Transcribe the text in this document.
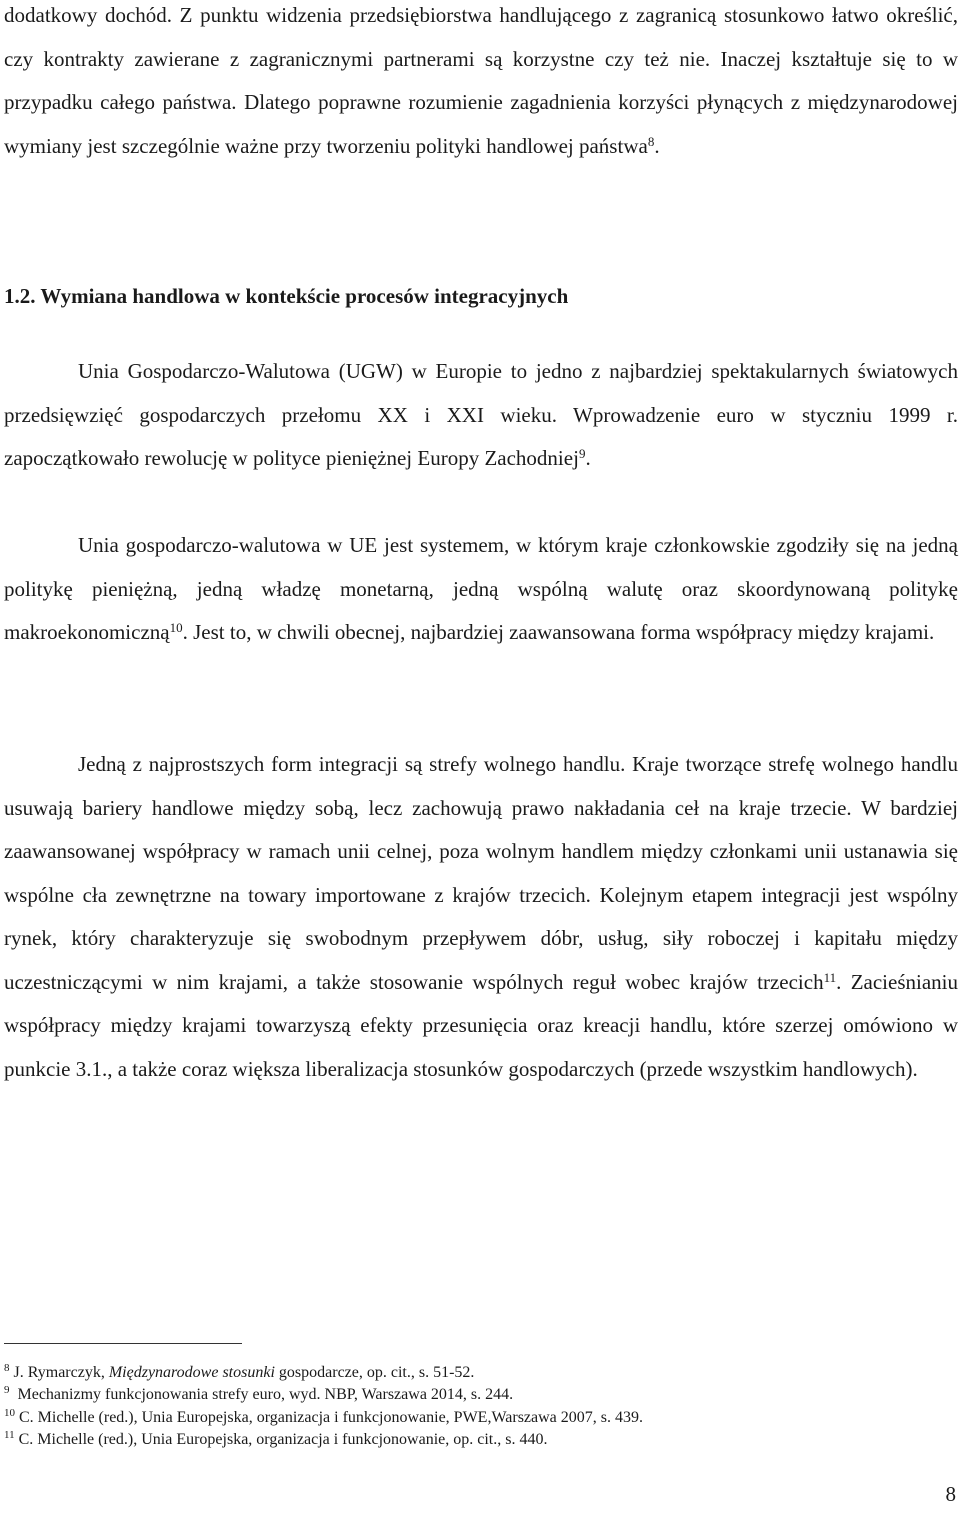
dodatkowy dochód. Z punktu widzenia przedsiębiorstwa handlującego z zagranicą stosunkowo łatwo określić, czy kontrakty zawierane z zagranicznymi partnerami są korzystne czy też nie. Inaczej kształtuje się to w przypadku całego państwa. Dlatego poprawne rozumienie zagadnienia korzyści płynących z międzynarodowej wymiany jest szczególnie ważne przy tworzeniu polityki handlowej państwa$^8$.

1.2. Wymiana handlowa w kontekście procesów integracyjnych

Unia Gospodarczo-Walutowa (UGW) w Europie to jedno z najbardziej spektakularnych światowych przedsięwzięć gospodarczych przełomu XX i XXI wieku. Wprowadzenie euro w styczniu 1999 r. zapoczątkowało rewolucję w polityce pieniężnej Europy Zachodniej$^9$.

Unia gospodarczo-walutowa w UE jest systemem, w którym kraje członkowskie zgodziły się na jedną politykę pieniężną, jedną władzę monetarną, jedną wspólną walutę oraz skoordynowaną politykę makroekonomiczną$^{10}$. Jest to, w chwili obecnej, najbardziej zaawansowana forma współpracy między krajami.

Jedną z najprostszych form integracji są strefy wolnego handlu. Kraje tworzące strefę wolnego handlu usuwają bariery handlowe między sobą, lecz zachowują prawo nakładania ceł na kraje trzecie. W bardziej zaawansowanej współpracy w ramach unii celnej, poza wolnym handlem między członkami unii ustanawia się wspólne cła zewnętrzne na towary importowane z krajów trzecich. Kolejnym etapem integracji jest wspólny rynek, który charakteryzuje się swobodnym przepływem dóbr, usług, siły roboczej i kapitału między uczestniczącymi w nim krajami, a także stosowanie wspólnych reguł wobec krajów trzecich$^{11}$. Zacieśnianiu współpracy między krajami towarzyszą efekty przesunięcia oraz kreacji handlu, które szerzej omówiono w punkcie 3.1., a także coraz większa liberalizacja stosunków gospodarczych (przede wszystkim handlowych).

$^8$ J. Rymarczyk, Międzynarodowe stosunki gospodarcze, op. cit., s. 51-52.
$^9$ Mechanizmy funkcjonowania strefy euro, wyd. NBP, Warszawa 2014, s. 244.
$^{10}$ C. Michelle (red.), Unia Europejska, organizacja i funkcjonowanie, PWE,Warszawa 2007, s. 439.
$^{11}$ C. Michelle (red.), Unia Europejska, organizacja i funkcjonowanie, op. cit., s. 440.
8
